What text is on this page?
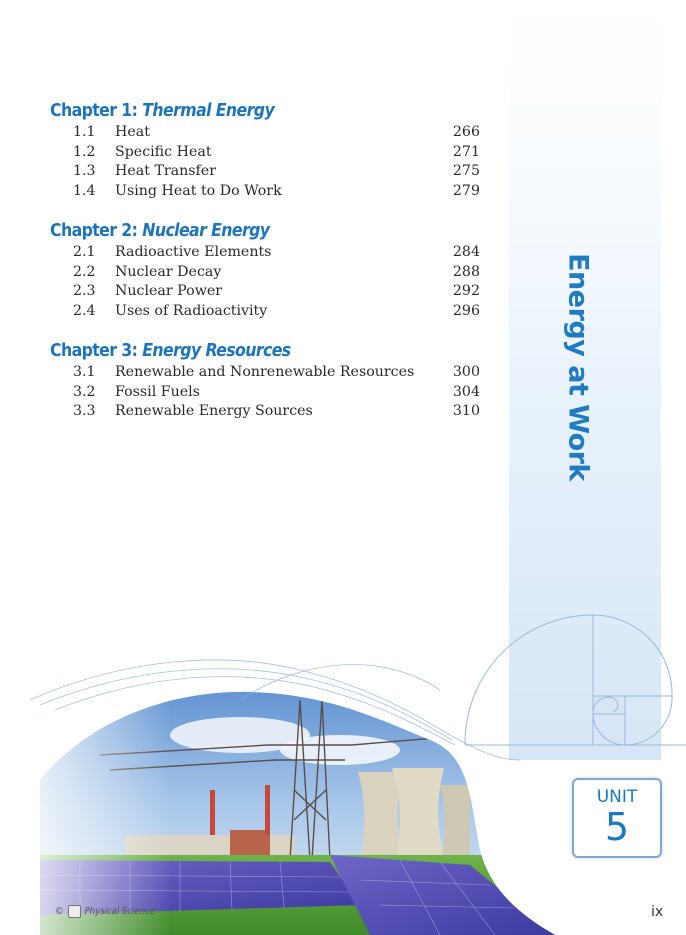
Energy at Work
Chapter 1: Thermal Energy
1.1	Heat	266
1.2	Specific Heat	271
1.3	Heat Transfer	275
1.4	Using Heat to Do Work	279
Chapter 2: Nuclear Energy
2.1	Radioactive Elements	284
2.2	Nuclear Decay	288
2.3	Nuclear Power	292
2.4	Uses of Radioactivity	296
Chapter 3: Energy Resources
3.1	Renewable and Nonrenewable Resources	300
3.2	Fossil Fuels	304
3.3	Renewable Energy Sources	310
UNIT
5
© Physical Science	ix
